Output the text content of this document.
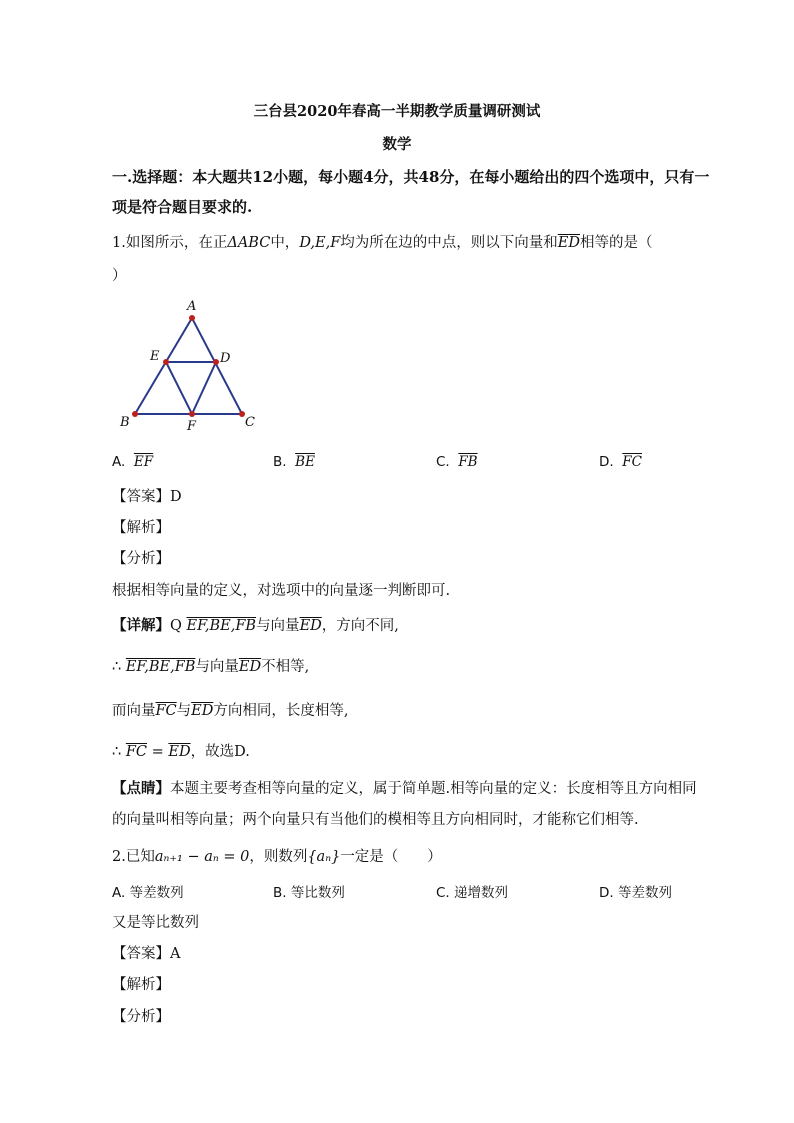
三台县2020年春高一半期教学质量调研测试
数学
一.选择题：本大题共12小题，每小题4分，共48分，在每小题给出的四个选项中，只有一
项是符合题目要求的.
1.如图所示，在正ΔABC中，D,E,F均为所在边的中点，则以下向量和$\overline{ED}$相等的是（
）
A
B	C
D
E
F
A. $\overline{EF}$	B. $\overline{BE}$	C. $\overline{FB}$	D. $\overline{FC}$
【答案】D
【解析】
【分析】
根据相等向量的定义，对选项中的向量逐一判断即可.
【详解】Q EF,BE,FB与向量$\overline{ED}$，方向不同,
∴ EF,BE,FB与向量$\overline{ED}$不相等,
而向量$\overline{FC}$与$\overline{ED}$方向相同，长度相等,
∴ $\overline{FC} = \overline{ED}$，故选D.
【点睛】本题主要考查相等向量的定义，属于简单题.相等向量的定义：长度相等且方向相同
的向量叫相等向量；两个向量只有当他们的模相等且方向相同时，才能称它们相等.
2.已知aₙ₊₁ − aₙ = 0，则数列{aₙ}一定是（　　）
A. 等差数列	B. 等比数列	C. 递增数列	D. 等差数列
又是等比数列
【答案】A
【解析】
【分析】
